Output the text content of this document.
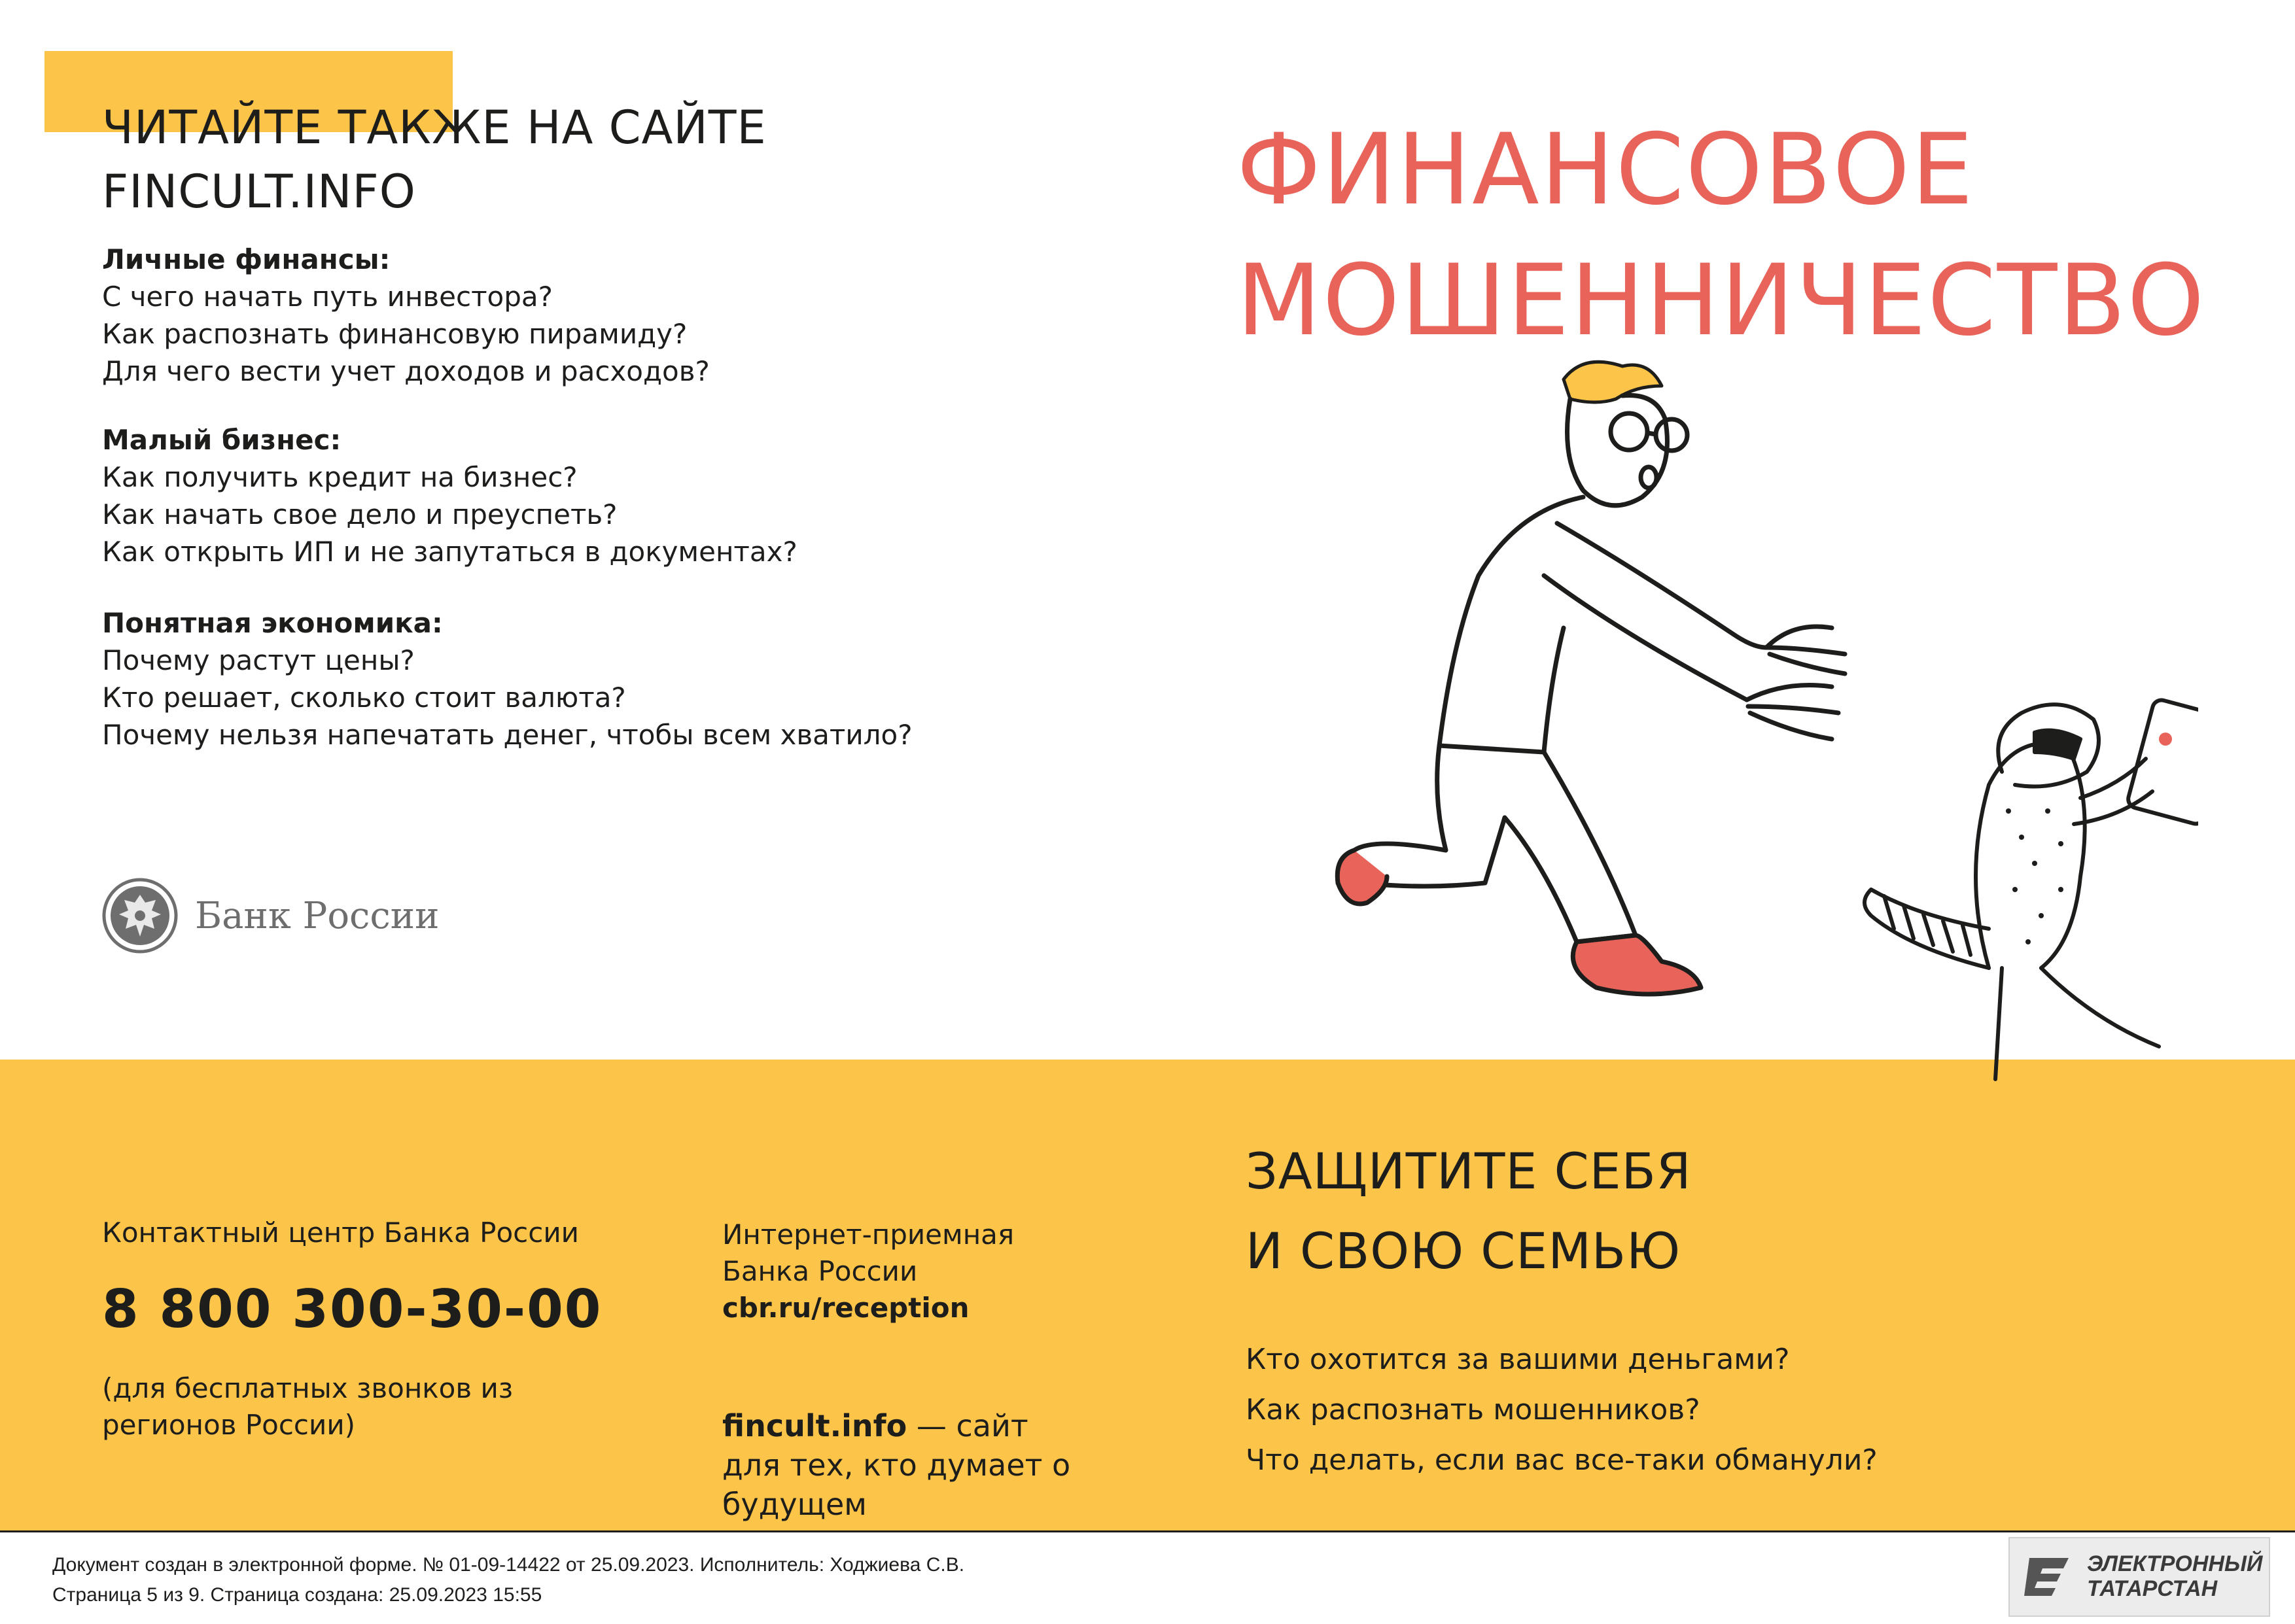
ЧИТАЙТЕ ТАКЖЕ НА САЙТЕ
FINCULT.INFO
Личные финансы:
С чего начать путь инвестора?
Как распознать финансовую пирамиду?
Для чего вести учет доходов и расходов?
Малый бизнес:
Как получить кредит на бизнес?
Как начать свое дело и преуспеть?
Как открыть ИП и не запутаться в документах?
Понятная экономика:
Почему растут цены?
Кто решает, сколько стоит валюта?
Почему нельзя напечатать денег, чтобы всем хватило?
Банк России
ФИНАНСОВОЕ
МОШЕННИЧЕСТВО
Контактный центр Банка России
8 800 300-30-00
(для бесплатных звонков из регионов России)
Интернет-приемная
Банка России
cbr.ru/reception
fincult.info — сайт для тех, кто думает о будущем
ЗАЩИТИТЕ СЕБЯ
И СВОЮ СЕМЬЮ
Кто охотится за вашими деньгами?
Как распознать мошенников?
Что делать, если вас все-таки обманули?
Документ создан в электронной форме. № 01-09-14422 от 25.09.2023. Исполнитель: Ходжиева С.В.
Страница 5 из 9. Страница создана: 25.09.2023 15:55
ЭЛЕКТРОННЫЙ
ТАТАРСТАН
